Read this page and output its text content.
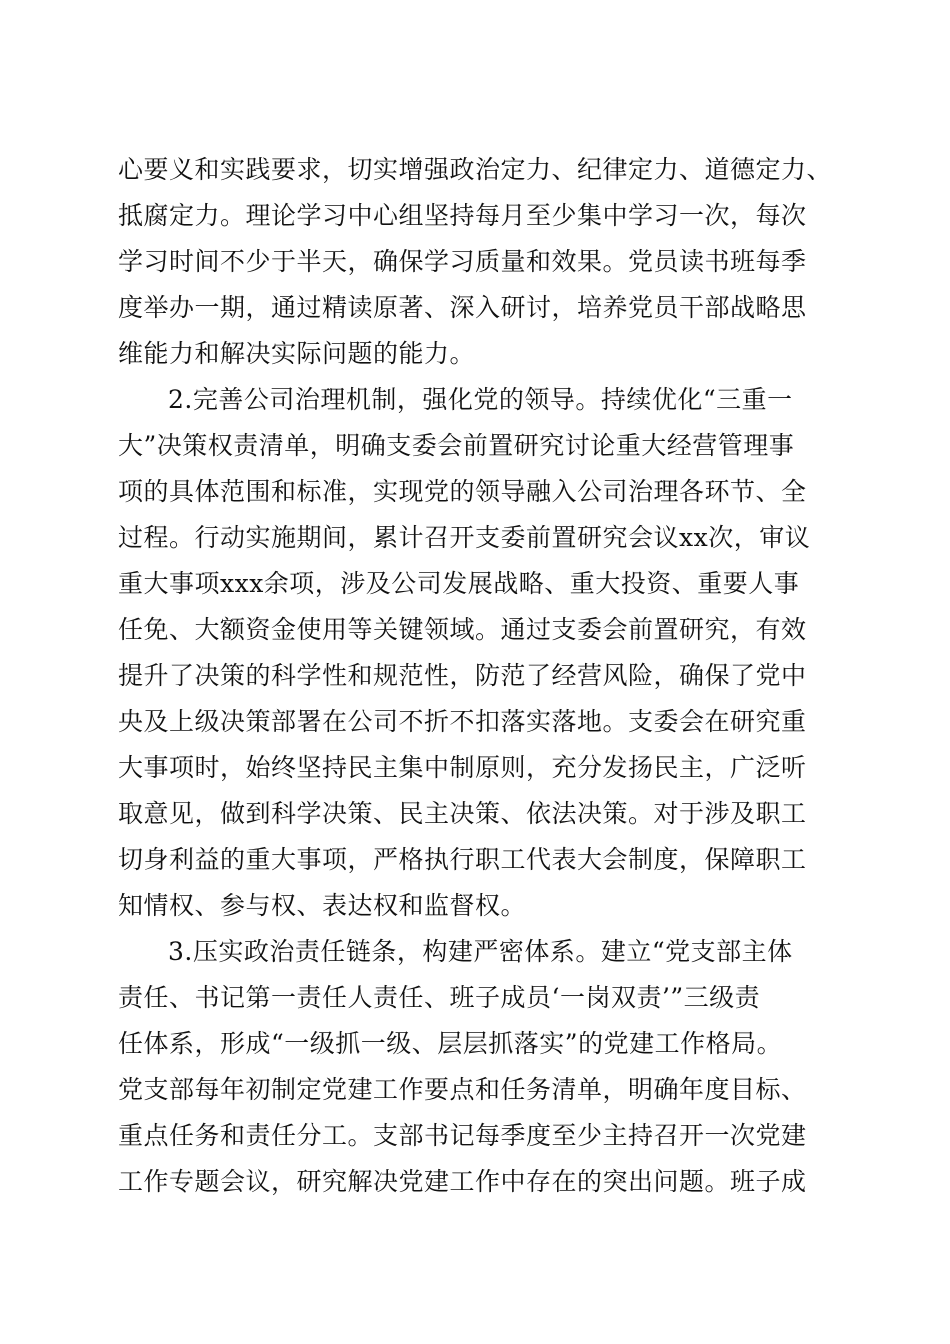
心要义和实践要求，切实增强政治定力、纪律定力、道德定力、
抵腐定力。理论学习中心组坚持每月至少集中学习一次，每次
学习时间不少于半天，确保学习质量和效果。党员读书班每季
度举办一期，通过精读原著、深入研讨，培养党员干部战略思
维能力和解决实际问题的能力。
2.完善公司治理机制，强化党的领导。持续优化“三重一
大”决策权责清单，明确支委会前置研究讨论重大经营管理事
项的具体范围和标准，实现党的领导融入公司治理各环节、全
过程。行动实施期间，累计召开支委前置研究会议xx次，审议
重大事项xxx余项，涉及公司发展战略、重大投资、重要人事
任免、大额资金使用等关键领域。通过支委会前置研究，有效
提升了决策的科学性和规范性，防范了经营风险，确保了党中
央及上级决策部署在公司不折不扣落实落地。支委会在研究重
大事项时，始终坚持民主集中制原则，充分发扬民主，广泛听
取意见，做到科学决策、民主决策、依法决策。对于涉及职工
切身利益的重大事项，严格执行职工代表大会制度，保障职工
知情权、参与权、表达权和监督权。
3.压实政治责任链条，构建严密体系。建立“党支部主体
责任、书记第一责任人责任、班子成员‘一岗双责’”三级责
任体系，形成“一级抓一级、层层抓落实”的党建工作格局。
党支部每年初制定党建工作要点和任务清单，明确年度目标、
重点任务和责任分工。支部书记每季度至少主持召开一次党建
工作专题会议，研究解决党建工作中存在的突出问题。班子成
